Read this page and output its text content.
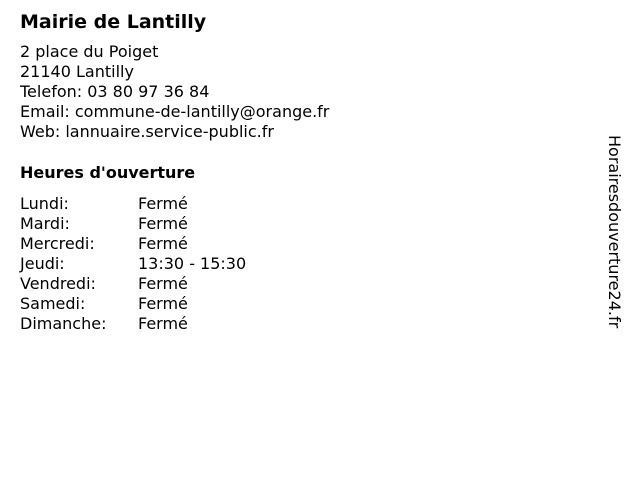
Mairie de Lantilly
2 place du Poiget
21140 Lantilly
Telefon: 03 80 97 36 84
Email: commune-de-lantilly@orange.fr
Web: lannuaire.service-public.fr
Heures d'ouverture
Lundi:	Fermé
Mardi:	Fermé
Mercredi:	Fermé
Jeudi:	13:30 - 15:30
Vendredi:	Fermé
Samedi:	Fermé
Dimanche:	Fermé	Horairesdouverture24.fr
